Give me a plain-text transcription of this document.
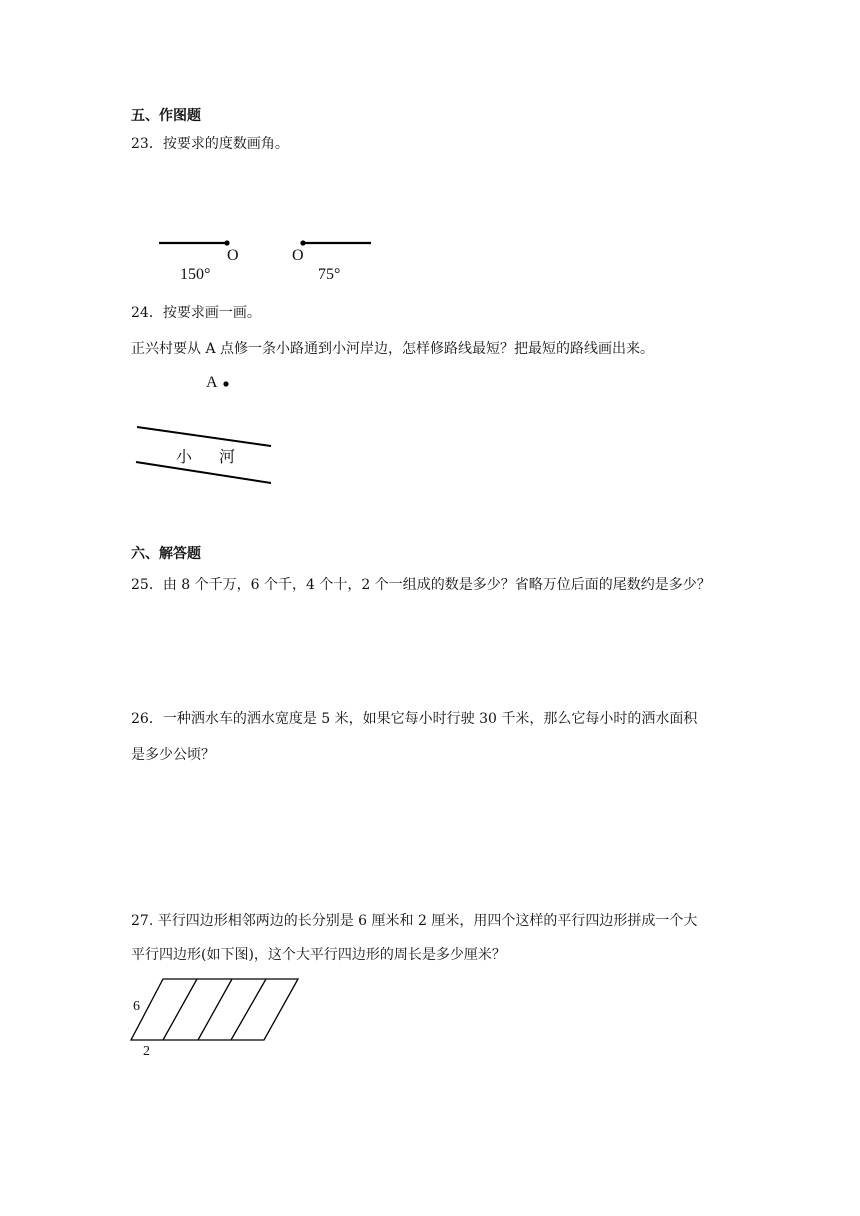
五、作图题
23．按要求的度数画角。
O
150°
O
75°
24．按要求画一画。
正兴村要从 A 点修一条小路通到小河岸边，怎样修路线最短？把最短的路线画出来。
A
小 河
六、解答题
25．由 8 个千万，6 个千，4 个十，2 个一组成的数是多少？省略万位后面的尾数约是多少？
26．一种洒水车的洒水宽度是 5 米，如果它每小时行驶 30 千米，那么它每小时的洒水面积
是多少公顷？
27. 平行四边形相邻两边的长分别是 6 厘米和 2 厘米，用四个这样的平行四边形拼成一个大
平行四边形(如下图)，这个大平行四边形的周长是多少厘米？
6
2
